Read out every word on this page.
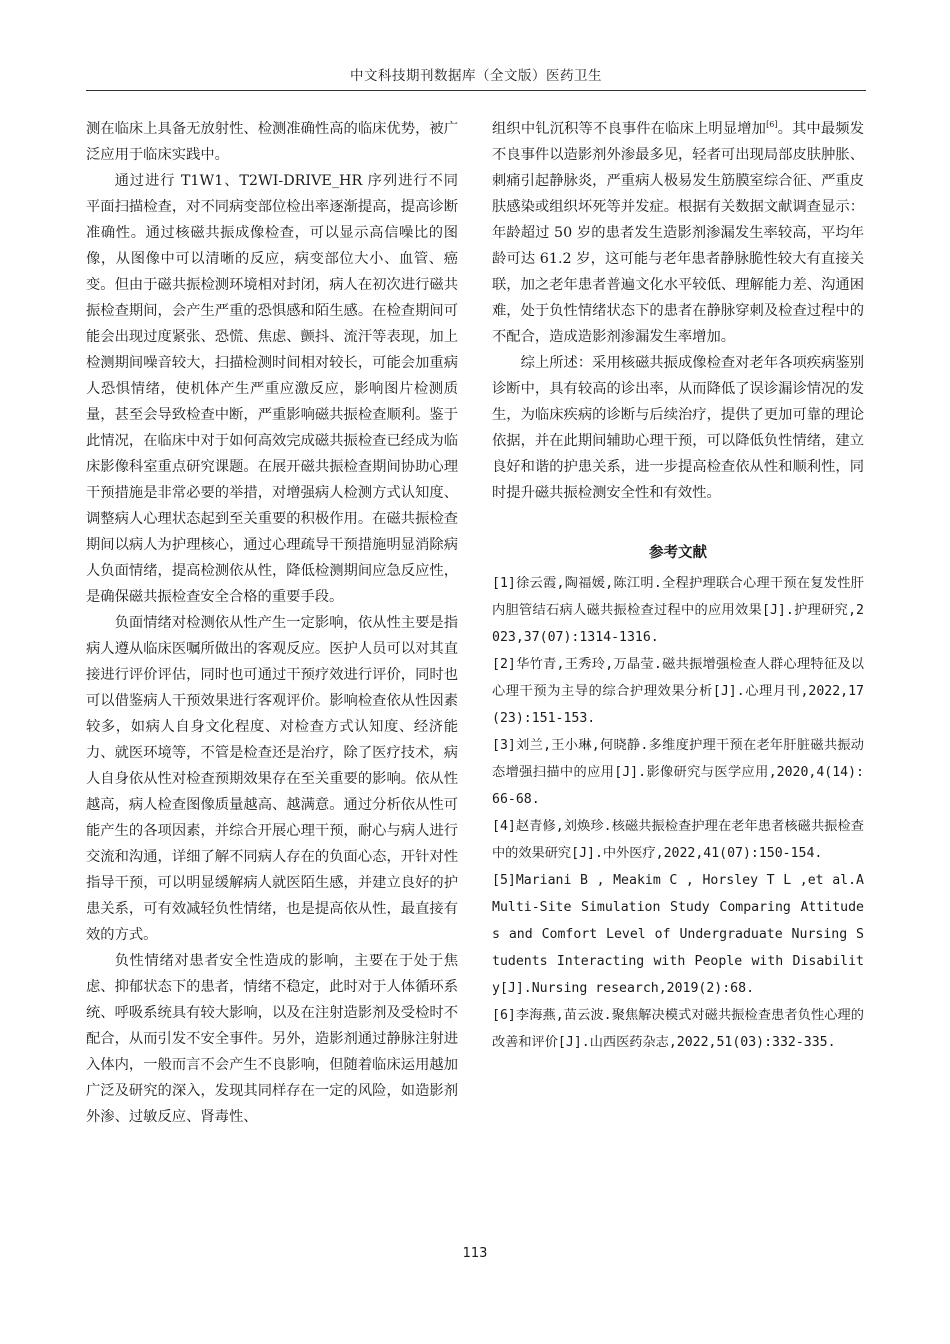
中文科技期刊数据库（全文版）医药卫生

测在临床上具备无放射性、检测准确性高的临床优势，被广泛应用于临床实践中。

通过进行 T1W1、T2WI-DRIVE_HR 序列进行不同平面扫描检查，对不同病变部位检出率逐渐提高，提高诊断准确性。通过核磁共振成像检查，可以显示高信噪比的图像，从图像中可以清晰的反应，病变部位大小、血管、癌变。但由于磁共振检测环境相对封闭，病人在初次进行磁共振检查期间，会产生严重的恐惧感和陌生感。在检查期间可能会出现过度紧张、恐慌、焦虑、颤抖、流汗等表现，加上检测期间噪音较大，扫描检测时间相对较长，可能会加重病人恐惧情绪，使机体产生严重应激反应，影响图片检测质量，甚至会导致检查中断，严重影响磁共振检查顺利。鉴于此情况，在临床中对于如何高效完成磁共振检查已经成为临床影像科室重点研究课题。在展开磁共振检查期间协助心理干预措施是非常必要的举措，对增强病人检测方式认知度、调整病人心理状态起到至关重要的积极作用。在磁共振检查期间以病人为护理核心，通过心理疏导干预措施明显消除病人负面情绪，提高检测依从性，降低检测期间应急反应性，是确保磁共振检查安全合格的重要手段。

负面情绪对检测依从性产生一定影响，依从性主要是指病人遵从临床医嘱所做出的客观反应。医护人员可以对其直接进行评价评估，同时也可通过干预疗效进行评价，同时也可以借鉴病人干预效果进行客观评价。影响检查依从性因素较多，如病人自身文化程度、对检查方式认知度、经济能力、就医环境等，不管是检查还是治疗，除了医疗技术，病人自身依从性对检查预期效果存在至关重要的影响。依从性越高，病人检查图像质量越高、越满意。通过分析依从性可能产生的各项因素，并综合开展心理干预，耐心与病人进行交流和沟通，详细了解不同病人存在的负面心态，开针对性指导干预，可以明显缓解病人就医陌生感，并建立良好的护患关系，可有效减轻负性情绪，也是提高依从性，最直接有效的方式。

负性情绪对患者安全性造成的影响，主要在于处于焦虑、抑郁状态下的患者，情绪不稳定，此时对于人体循环系统、呼吸系统具有较大影响，以及在注射造影剂及受检时不配合，从而引发不安全事件。另外，造影剂通过静脉注射进入体内，一般而言不会产生不良影响，但随着临床运用越加广泛及研究的深入，发现其同样存在一定的风险，如造影剂外渗、过敏反应、肾毒性、

组织中钆沉积等不良事件在临床上明显增加[6]。其中最频发不良事件以造影剂外渗最多见，轻者可出现局部皮肤肿胀、刺痛引起静脉炎，严重病人极易发生筋膜室综合征、严重皮肤感染或组织坏死等并发症。根据有关数据文献调查显示：年龄超过 50 岁的患者发生造影剂渗漏发生率较高，平均年龄可达 61.2 岁，这可能与老年患者静脉脆性较大有直接关联，加之老年患者普遍文化水平较低、理解能力差、沟通困难，处于负性情绪状态下的患者在静脉穿刺及检查过程中的不配合，造成造影剂渗漏发生率增加。

综上所述：采用核磁共振成像检查对老年各项疾病鉴别诊断中，具有较高的诊出率，从而降低了误诊漏诊情况的发生，为临床疾病的诊断与后续治疗，提供了更加可靠的理论依据，并在此期间辅助心理干预，可以降低负性情绪，建立良好和谐的护患关系，进一步提高检查依从性和顺利性，同时提升磁共振检测安全性和有效性。

参考文献
[1]徐云霞,陶福媛,陈江明.全程护理联合心理干预在复发性肝内胆管结石病人磁共振检查过程中的应用效果[J].护理研究,2023,37(07):1314-1316.
[2]华竹青,王秀玲,万晶莹.磁共振增强检查人群心理特征及以心理干预为主导的综合护理效果分析[J].心理月刊,2022,17(23):151-153.
[3]刘兰,王小琳,何晓静.多维度护理干预在老年肝脏磁共振动态增强扫描中的应用[J].影像研究与医学应用,2020,4(14):66-68.
[4]赵青修,刘焕珍.核磁共振检查护理在老年患者核磁共振检查中的效果研究[J].中外医疗,2022,41(07):150-154.
[5]Mariani B , Meakim C , Horsley T L ,et al.A Multi-Site Simulation Study Comparing Attitudes and Comfort Level of Undergraduate Nursing Students Interacting with People with Disability[J].Nursing research,2019(2):68.
[6]李海燕,苗云波.聚焦解决模式对磁共振检查患者负性心理的改善和评价[J].山西医药杂志,2022,51(03):332-335.
113
